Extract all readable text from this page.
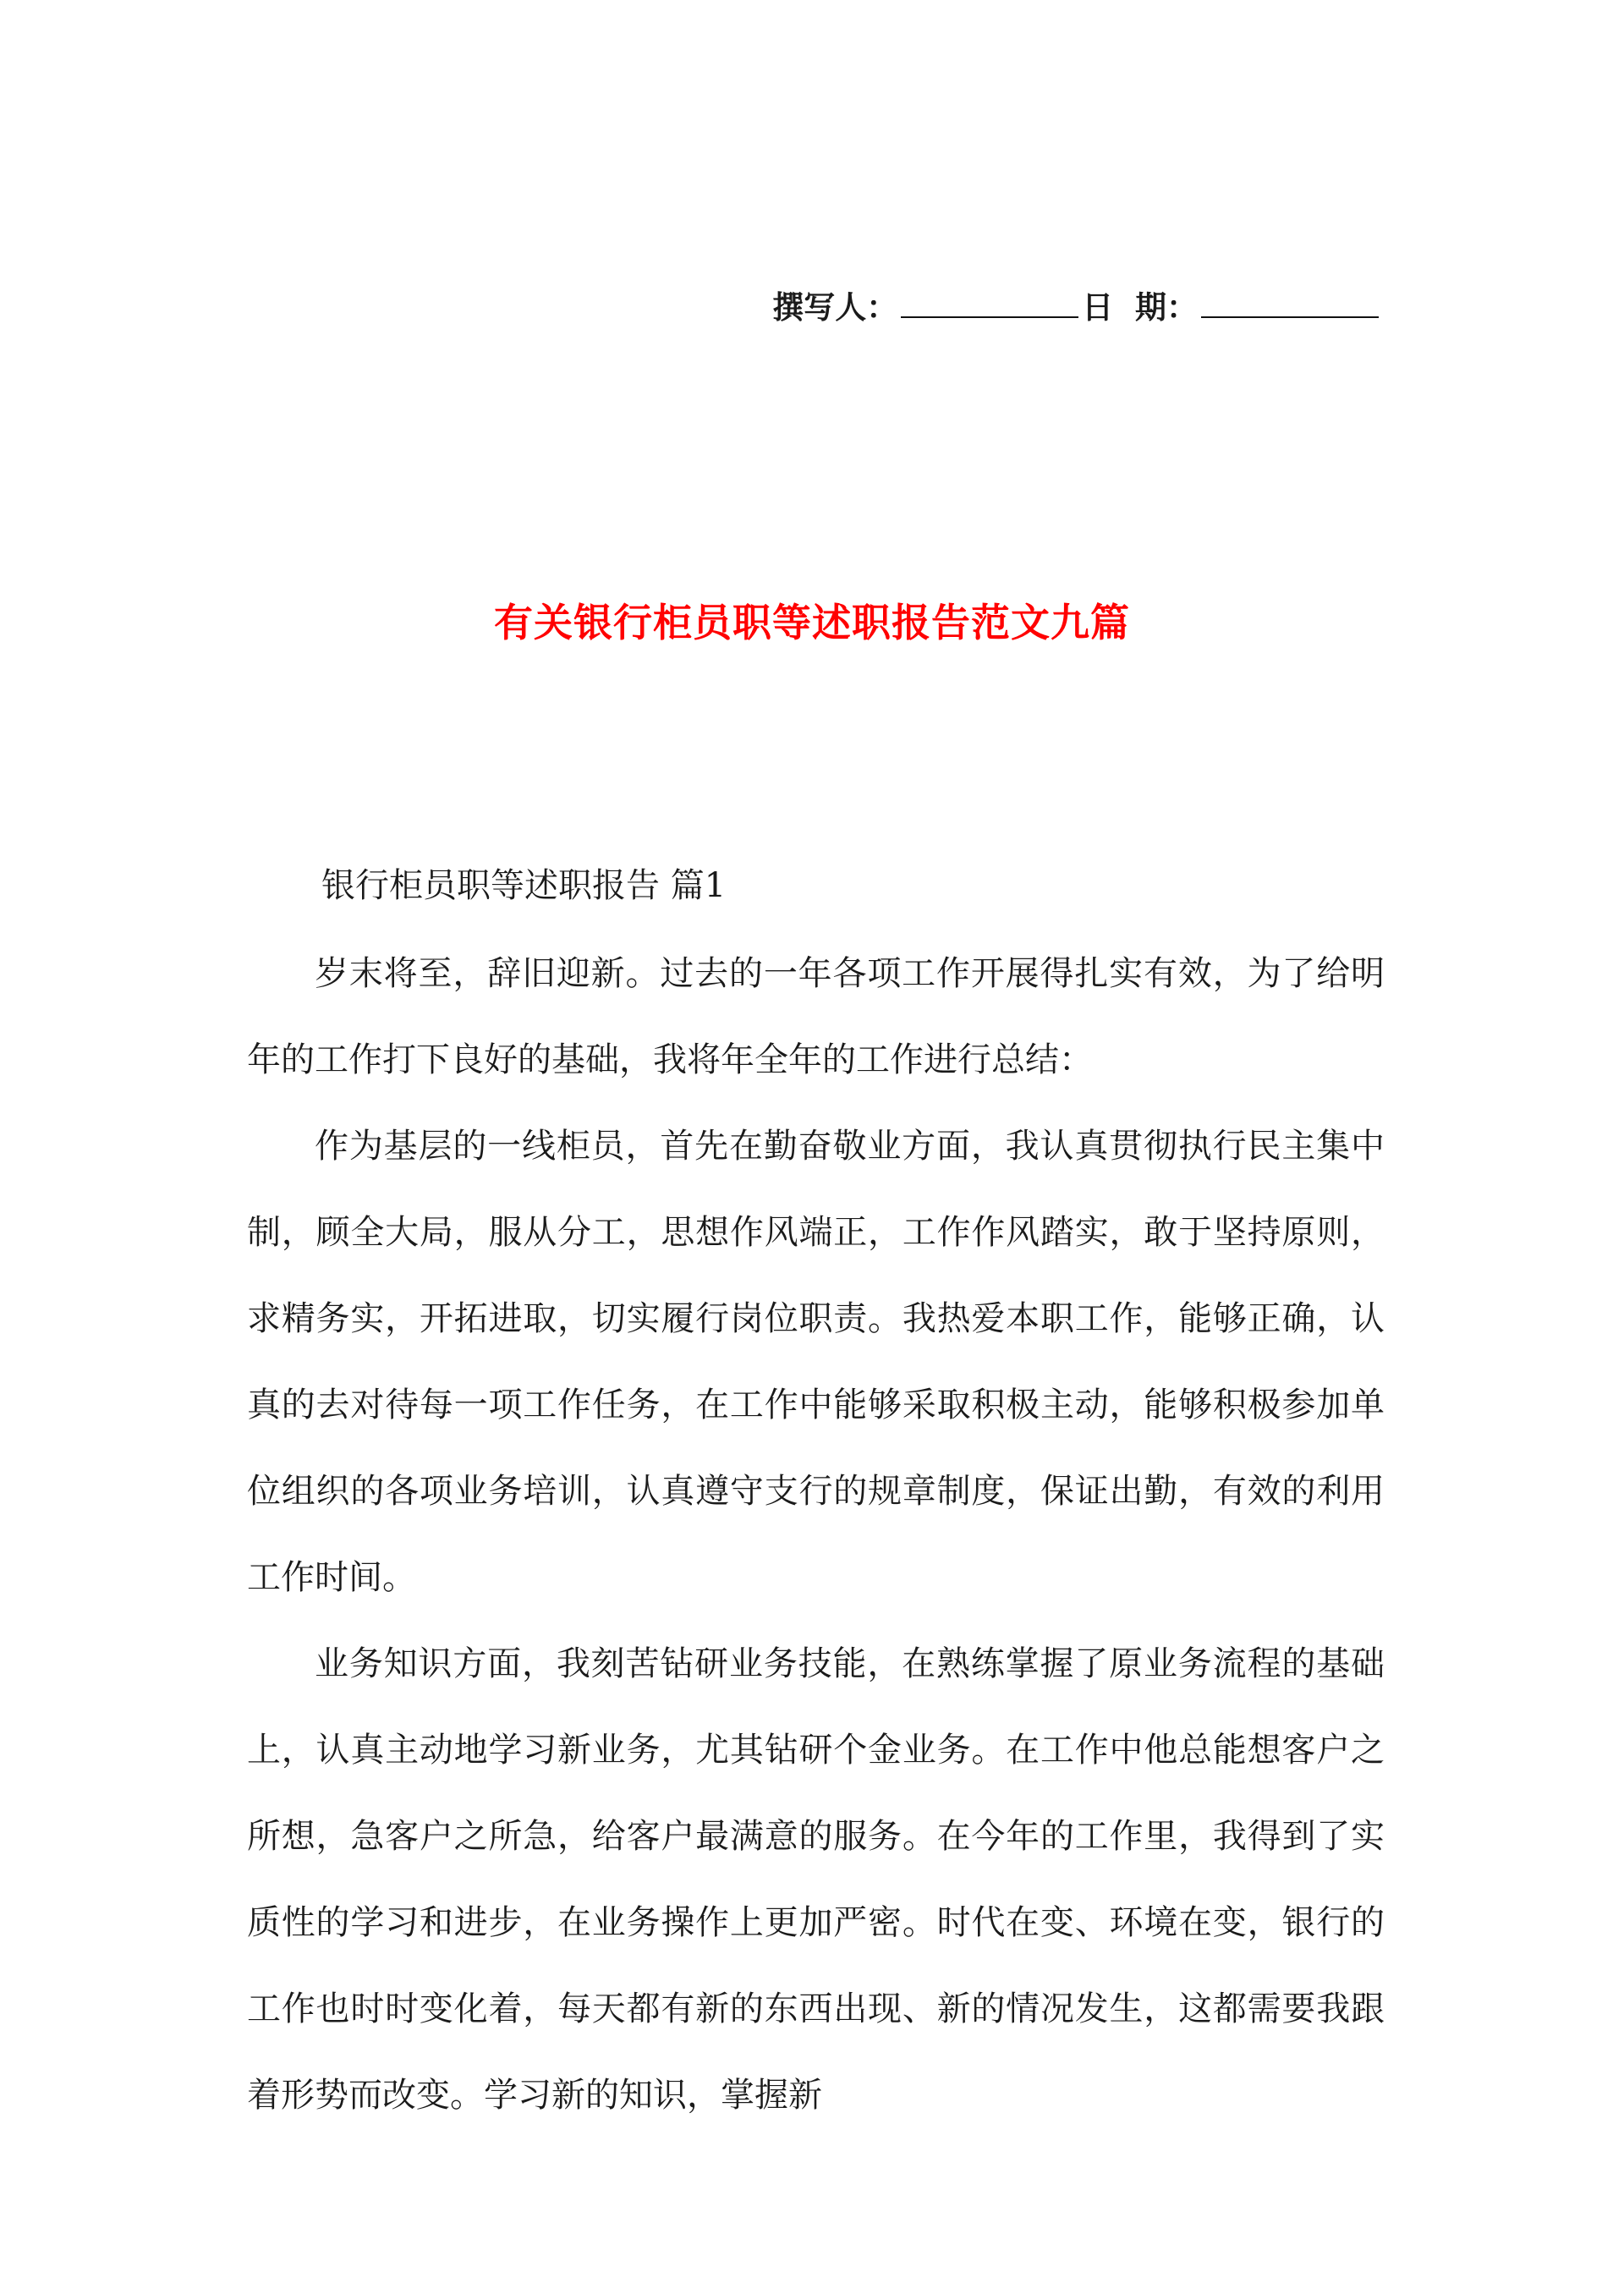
撰写人：	日  期：
有关银行柜员职等述职报告范文九篇
银行柜员职等述职报告 篇1

岁末将至，辞旧迎新。过去的一年各项工作开展得扎实有效，为了给明年的工作打下良好的基础，我将年全年的工作进行总结：

作为基层的一线柜员，首先在勤奋敬业方面，我认真贯彻执行民主集中制，顾全大局，服从分工，思想作风端正，工作作风踏实，敢于坚持原则，求精务实，开拓进取，切实履行岗位职责。我热爱本职工作，能够正确，认真的去对待每一项工作任务，在工作中能够采取积极主动，能够积极参加单位组织的各项业务培训，认真遵守支行的规章制度，保证出勤，有效的利用工作时间。

业务知识方面，我刻苦钻研业务技能，在熟练掌握了原业务流程的基础上，认真主动地学习新业务，尤其钻研个金业务。在工作中他总能想客户之所想，急客户之所急，给客户最满意的服务。在今年的工作里，我得到了实质性的学习和进步，在业务操作上更加严密。时代在变、环境在变，银行的工作也时时变化着，每天都有新的东西出现、新的情况发生，这都需要我跟着形势而改变。学习新的知识，掌握新
